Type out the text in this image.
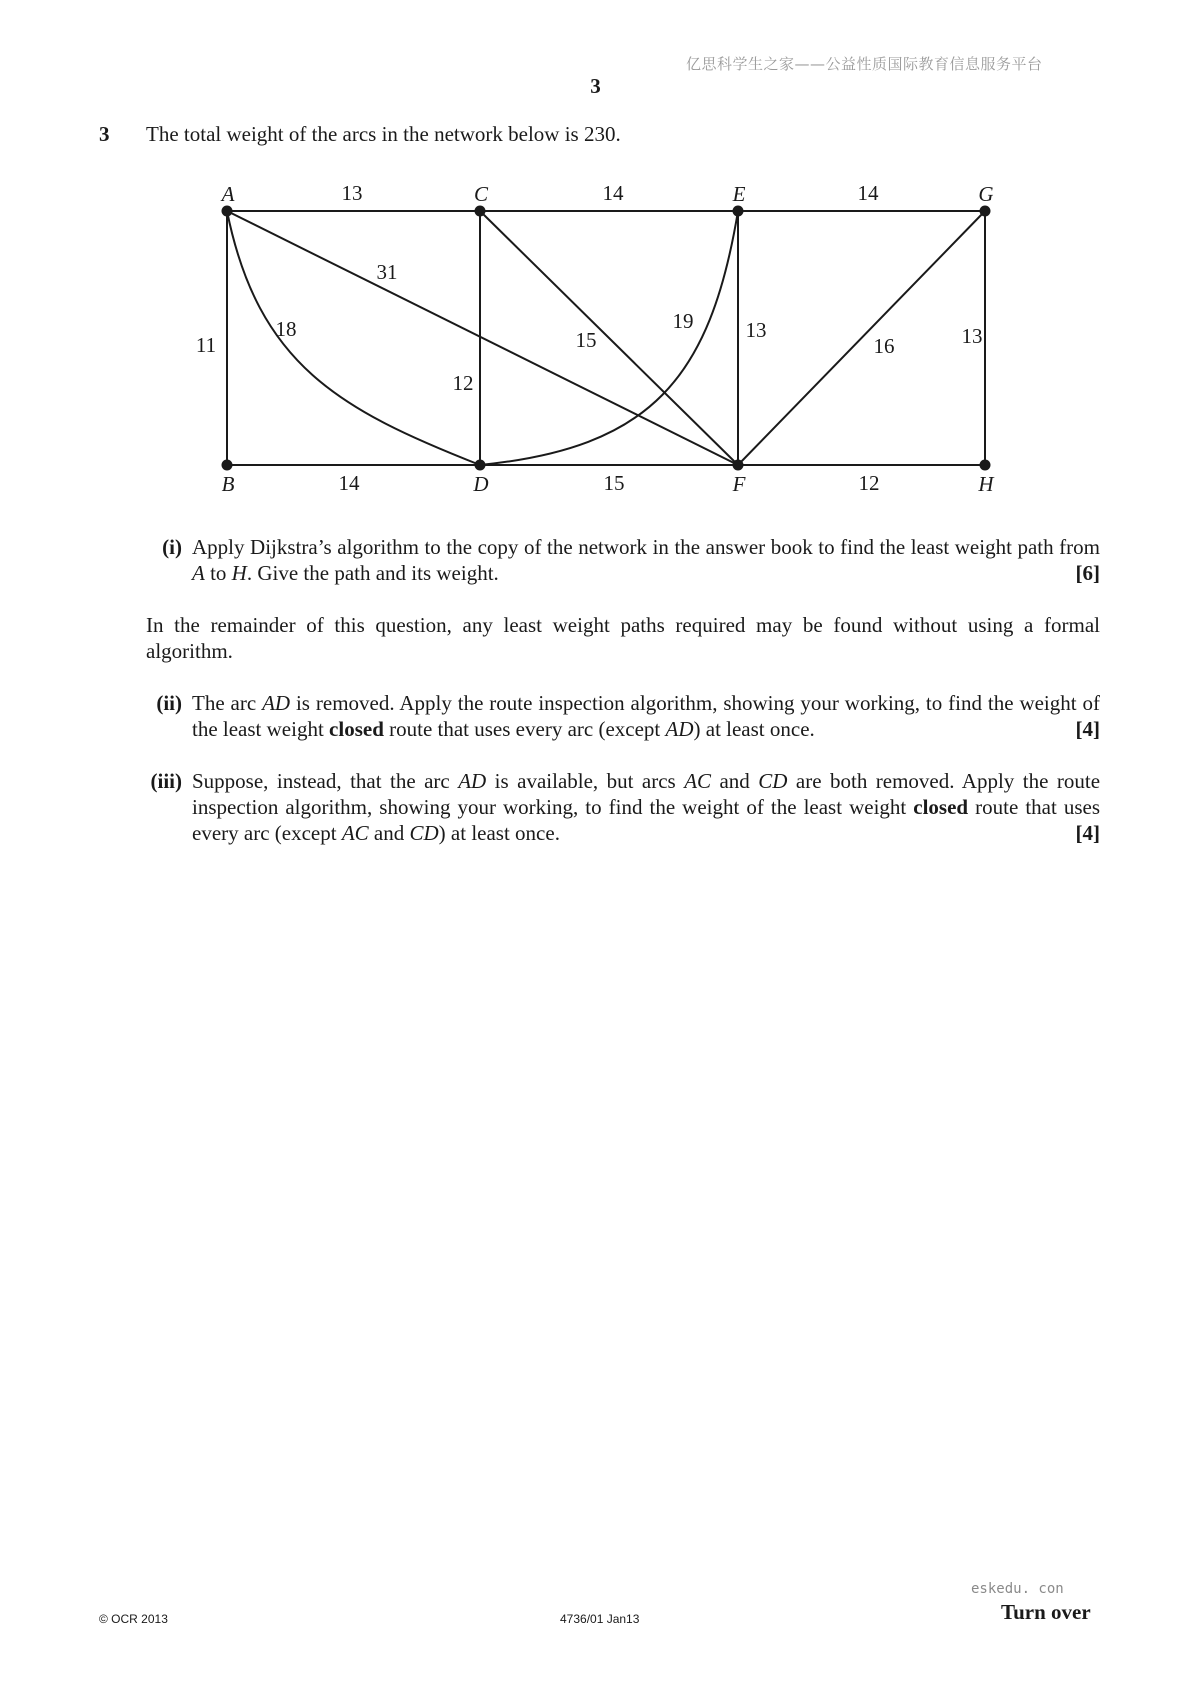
亿思科学生之家——公益性质国际教育信息服务平台
3
3 The total weight of the arcs in the network below is 230.
A	C	E	G
B	D	F	H
13	14	14
11
18
31
12
15
19 13
16	13
14	15	12
(i) Apply Dijkstra’s algorithm to the copy of the network in the answer book to find the least weight path from A to H. Give the path and its weight.	[6]
In the remainder of this question, any least weight paths required may be found without using a formal algorithm.
(ii) The arc AD is removed. Apply the route inspection algorithm, showing your working, to find the weight of the least weight closed route that uses every arc (except AD) at least once.	[4]
(iii) Suppose, instead, that the arc AD is available, but arcs AC and CD are both removed. Apply the route inspection algorithm, showing your working, to find the weight of the least weight closed route that uses every arc (except AC and CD) at least once.	[4]
© OCR 2013	4736/01 Jan13
eskedu. con
Turn over
